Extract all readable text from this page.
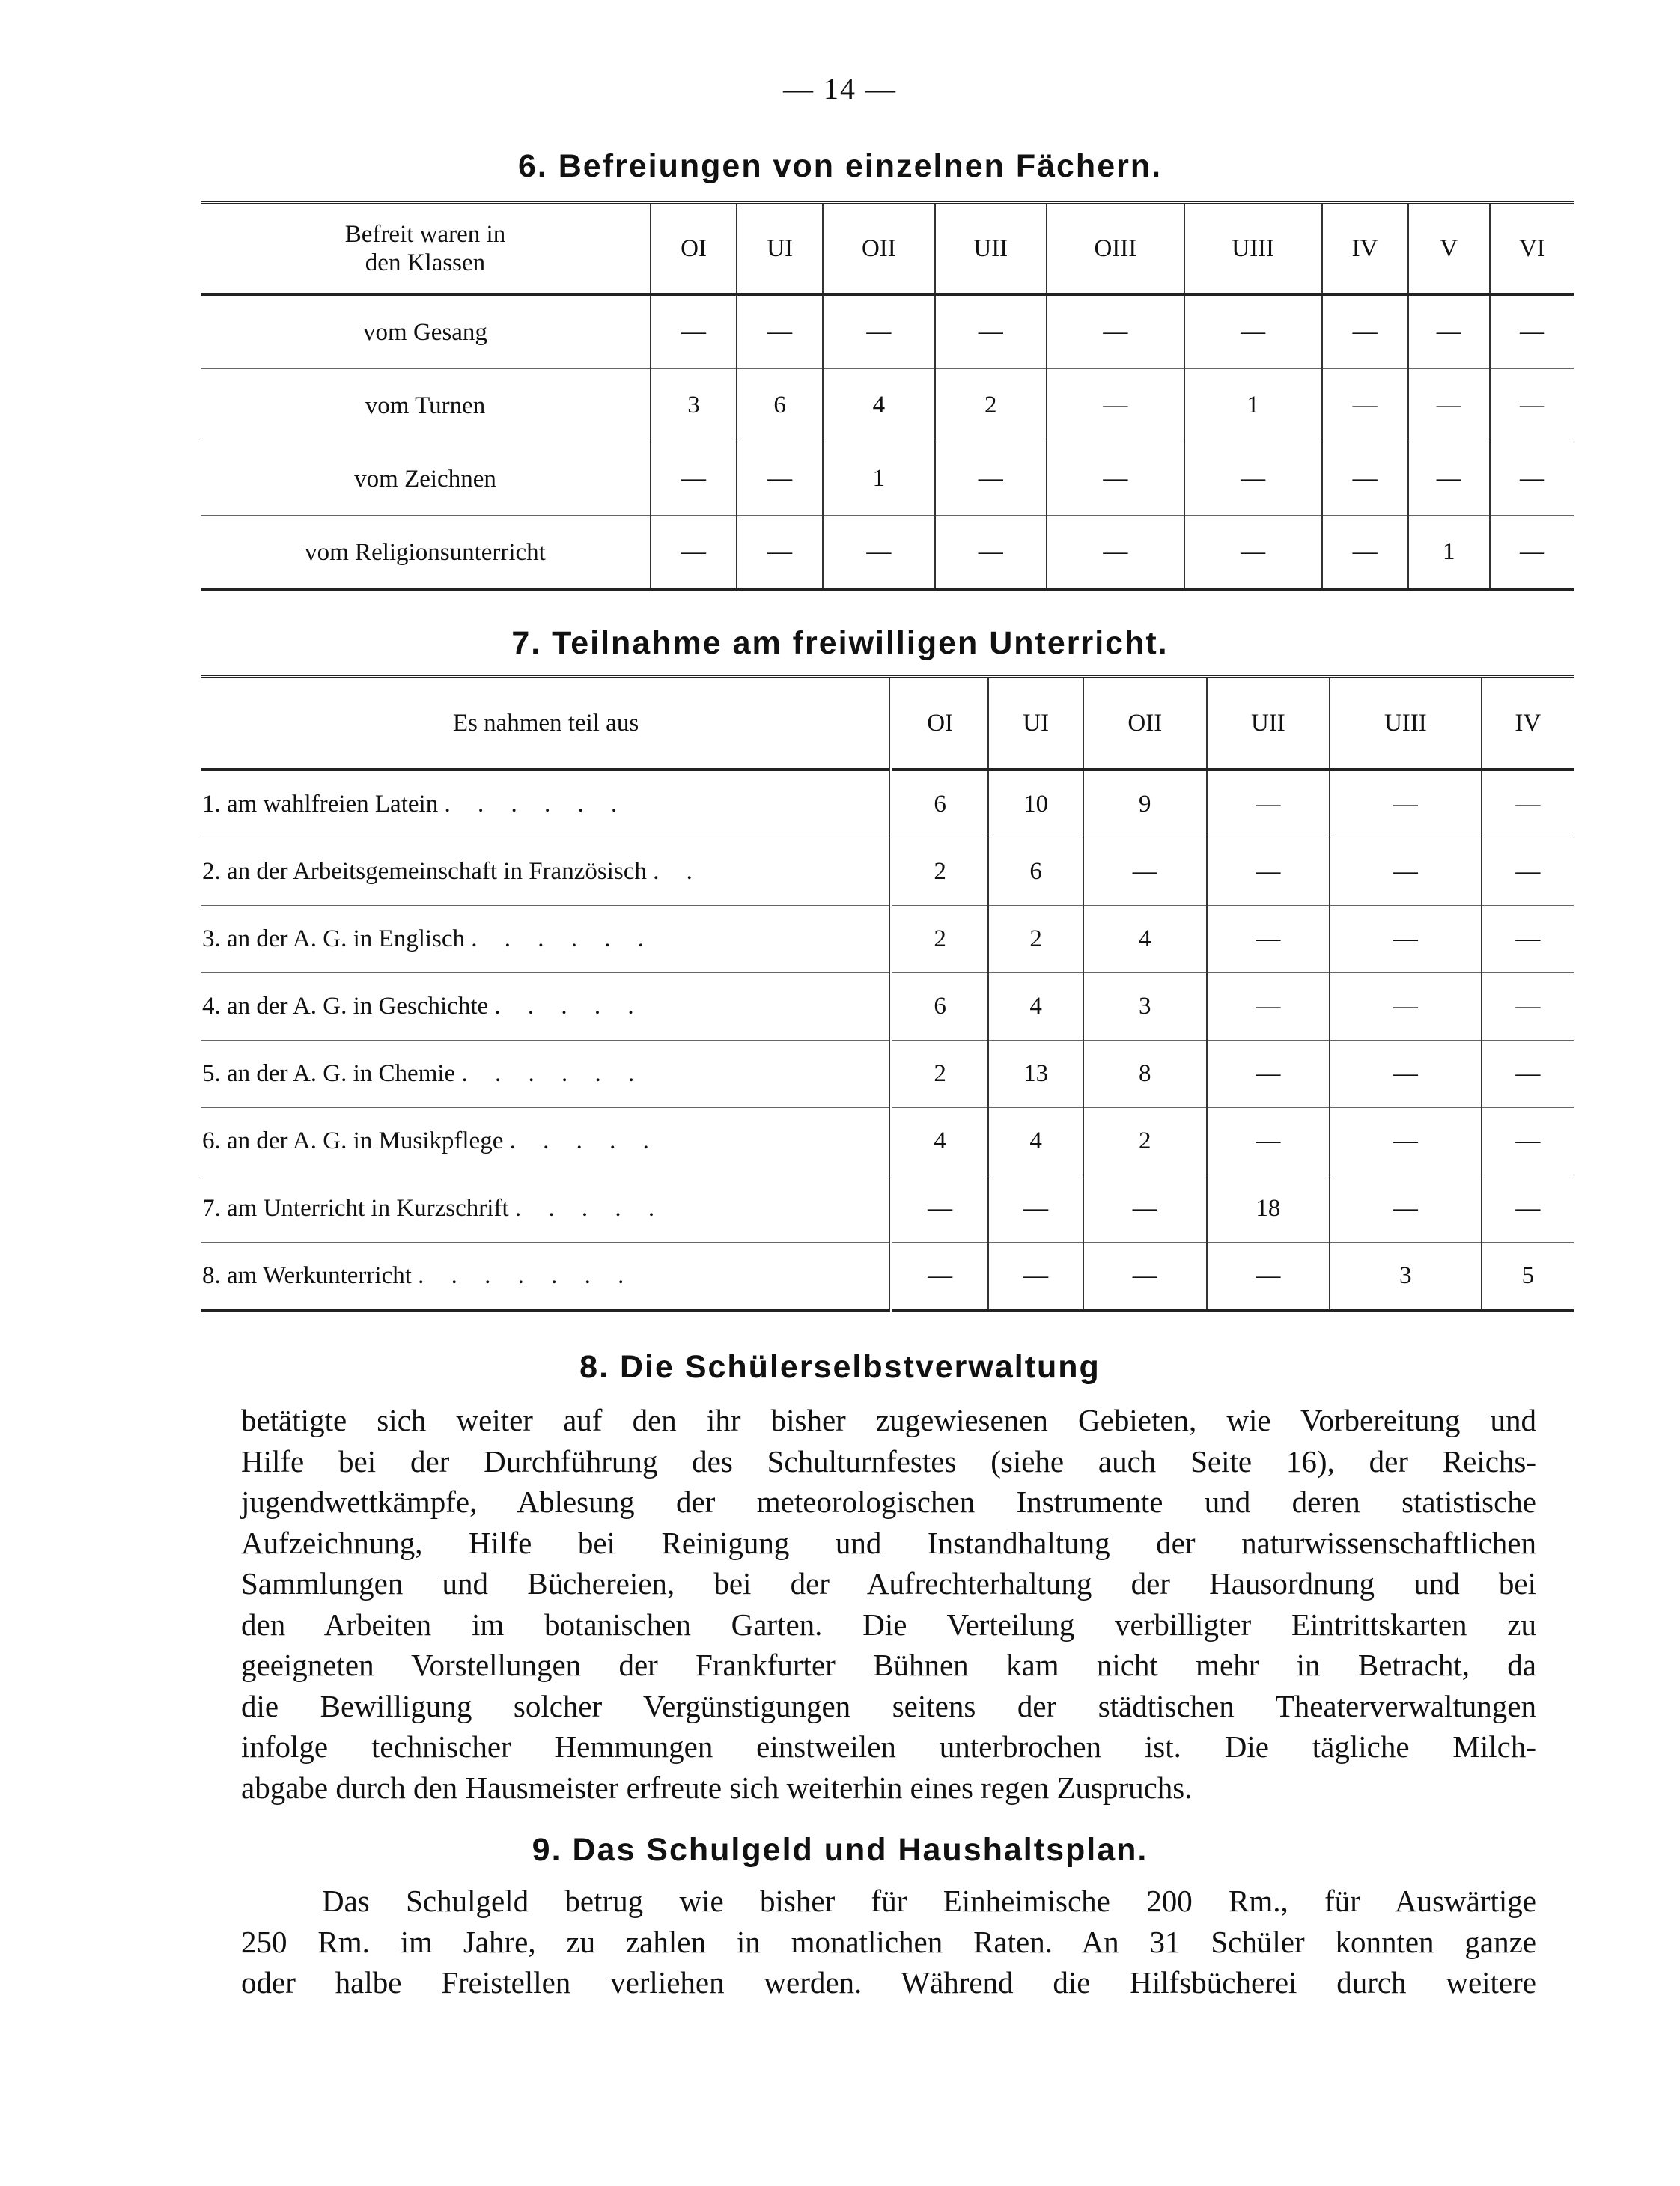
— 14 —
6. Befreiungen von einzelnen Fächern.
Befreit waren in
den Klassen	OI	UI	OII	UII	OIII	UIII	IV	V	VI
vom Gesang	—	—	—	—	—	—	—	—	—
vom Turnen	3	6	4	2	—	1	—	—	—
vom Zeichnen	—	—	1	—	—	—	—	—	—
vom Religionsunterricht	—	—	—	—	—	—	—	1	—
7. Teilnahme am freiwilligen Unterricht.
Es nahmen teil aus	OI	UI	OII	UII	UIII	IV
1. am wahlfreien Latein . . . . . .	6	10	9	—	—	—
2. an der Arbeitsgemeinschaft in Französisch . .	2	6	—	—	—	—
3. an der A. G. in Englisch . . . . . .	2	2	4	—	—	—
4. an der A. G. in Geschichte . . . . .	6	4	3	—	—	—
5. an der A. G. in Chemie . . . . . .	2	13	8	—	—	—
6. an der A. G. in Musikpflege . . . . .	4	4	2	—	—	—
7. am Unterricht in Kurzschrift . . . . .	—	—	—	18	—	—
8. am Werkunterricht . . . . . . .	—	—	—	—	3	5
8. Die Schülerselbstverwaltung
betätigte sich weiter auf den ihr bisher zugewiesenen Gebieten, wie Vorbereitung und
Hilfe bei der Durchführung des Schulturnfestes (siehe auch Seite 16), der Reichs-
jugendwettkämpfe, Ablesung der meteorologischen Instrumente und deren statistische
Aufzeichnung, Hilfe bei Reinigung und Instandhaltung der naturwissenschaftlichen
Sammlungen und Büchereien, bei der Aufrechterhaltung der Hausordnung und bei
den Arbeiten im botanischen Garten. Die Verteilung verbilligter Eintrittskarten zu
geeigneten Vorstellungen der Frankfurter Bühnen kam nicht mehr in Betracht, da
die Bewilligung solcher Vergünstigungen seitens der städtischen Theaterverwaltungen
infolge technischer Hemmungen einstweilen unterbrochen ist. Die tägliche Milch-
abgabe durch den Hausmeister erfreute sich weiterhin eines regen Zuspruchs.
9. Das Schulgeld und Haushaltsplan.
Das Schulgeld betrug wie bisher für Einheimische 200 Rm., für Auswärtige
250 Rm. im Jahre, zu zahlen in monatlichen Raten. An 31 Schüler konnten ganze
oder halbe Freistellen verliehen werden. Während die Hilfsbücherei durch weitere
